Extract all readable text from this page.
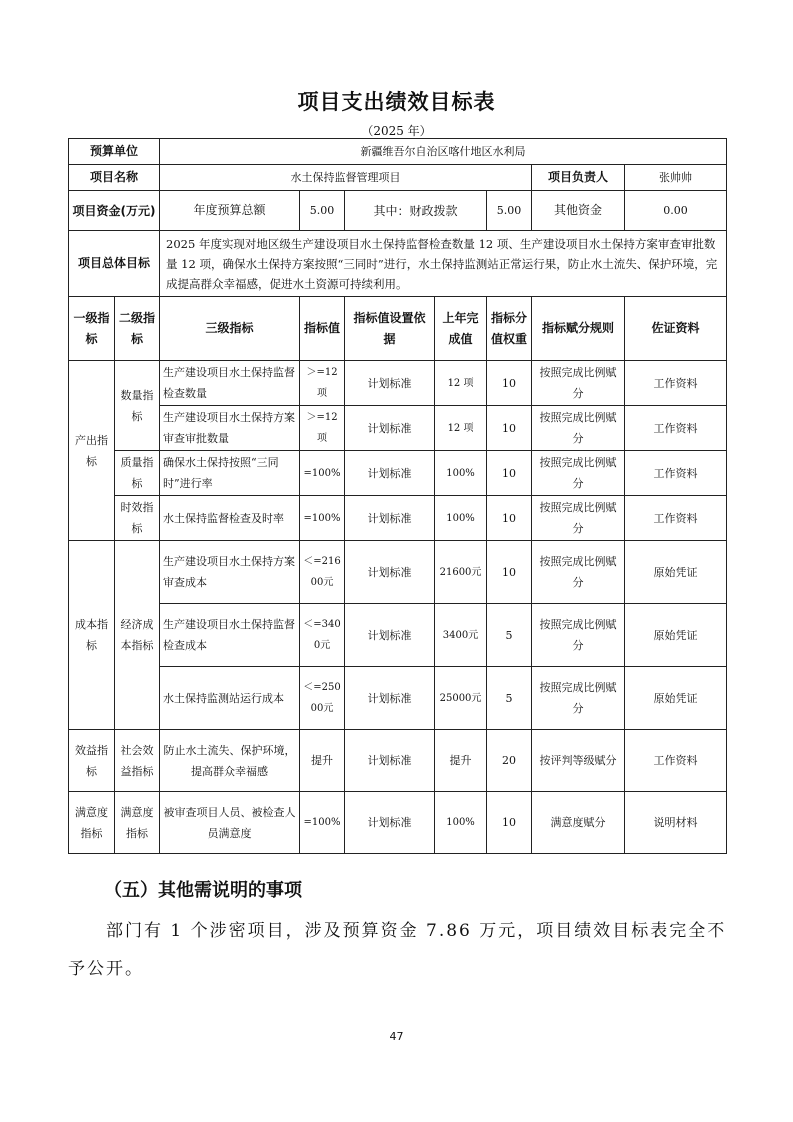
项目支出绩效目标表
（2025 年）
预算单位		新疆维吾尔自治区喀什地区水利局						
项目名称		水土保持监督管理项目					项目负责人	张帅帅
项目资金(万元)		年度预算总额	5.00	其中：财政拨款		5.00	其他资金	0.00
项目总体目标		2025 年度实现对地区级生产建设项目水土保持监督检查数量 12 项、生产建设项目水土保持方案审查审批数量 12 项，确保水土保持方案按照“三同时”进行，水土保持监测站正常运行果，防止水土流失、保护环境，完成提高群众幸福感，促进水土资源可持续利用。						
一级指标	二级指标	三级指标	指标值	指标值设置依据	上年完成值	指标分值权重	指标赋分规则	佐证资料
产出指标	数量指标	生产建设项目水土保持监督检查数量	＞=12项	计划标准	12 项	10	按照完成比例赋分	工作资料
		生产建设项目水土保持方案审查审批数量	＞=12项	计划标准	12 项	10	按照完成比例赋分	工作资料
	质量指标	确保水土保持按照“三同时”进行率	=100%	计划标准	100%	10	按照完成比例赋分	工作资料
	时效指标	水土保持监督检查及时率	=100%	计划标准	100%	10	按照完成比例赋分	工作资料
成本指标	经济成本指标	生产建设项目水土保持方案审查成本	＜=21600元	计划标准	21600元	10	按照完成比例赋分	原始凭证
		生产建设项目水土保持监督检查成本	＜=3400元	计划标准	3400元	5	按照完成比例赋分	原始凭证
		水土保持监测站运行成本	＜=25000元	计划标准	25000元	5	按照完成比例赋分	原始凭证
效益指标	社会效益指标	防止水土流失、保护环境，提高群众幸福感	提升	计划标准	提升	20	按评判等级赋分	工作资料
满意度指标	满意度指标	被审查项目人员、被检查人员满意度	=100%	计划标准	100%	10	满意度赋分	说明材料
（五）其他需说明的事项
部门有 1 个涉密项目，涉及预算资金 7.86 万元，项目绩效目标表完全不予公开。
47
